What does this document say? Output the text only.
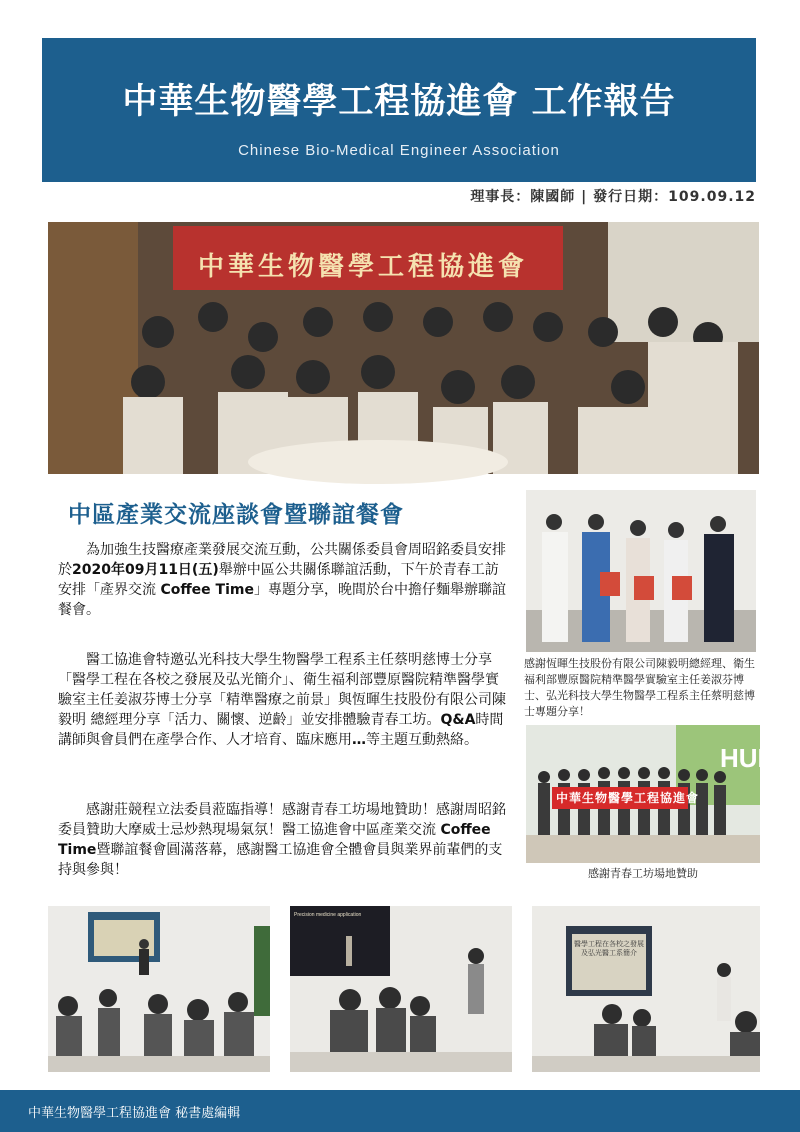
中華生物醫學工程協進會 工作報告
Chinese Bio-Medical Engineer Association
理事長：陳國師 | 發行日期：109.09.12
中華生物醫學工程協進會
中區產業交流座談會暨聯誼餐會
為加強生技醫療產業發展交流互動，公共關係委員會周昭銘委員安排於2020年09月11日(五)舉辦中區公共關係聯誼活動，下午於青春工訪安排「產界交流 Coffee Time」專題分享，晚間於台中擔仔麵舉辦聯誼餐會。
醫工協進會特邀弘光科技大學生物醫學工程系主任蔡明慈博士分享「醫學工程在各校之發展及弘光簡介」、衛生福利部豐原醫院精準醫學實驗室主任姜淑芬博士分享「精準醫療之前景」與恆暉生技股份有限公司陳毅明 總經理分享「活力、關懷、逆齡」並安排體驗青春工坊。Q&A時間講師與會員們在產學合作、人才培育、臨床應用…等主題互動熱絡。
感謝莊競程立法委員蒞臨指導！感謝青春工坊場地贊助！感謝周昭銘委員贊助大摩威士忌炒熱現場氣氛！醫工協進會中區產業交流 Coffee Time暨聯誼餐會圓滿落幕，感謝醫工協進會全體會員與業界前輩們的支持與參與！
感謝恆暉生技股份有限公司陳毅明總經理、衛生福利部豐原醫院精準醫學實驗室主任姜淑芬博士、弘光科技大學生物醫學工程系主任蔡明慈博士專題分享！
中華生物醫學工程協進會
HUR
感謝青春工坊場地贊助
Precision medicine application
醫學工程在各校之發展及弘光醫工系簡介
中華生物醫學工程協進會 秘書處編輯
